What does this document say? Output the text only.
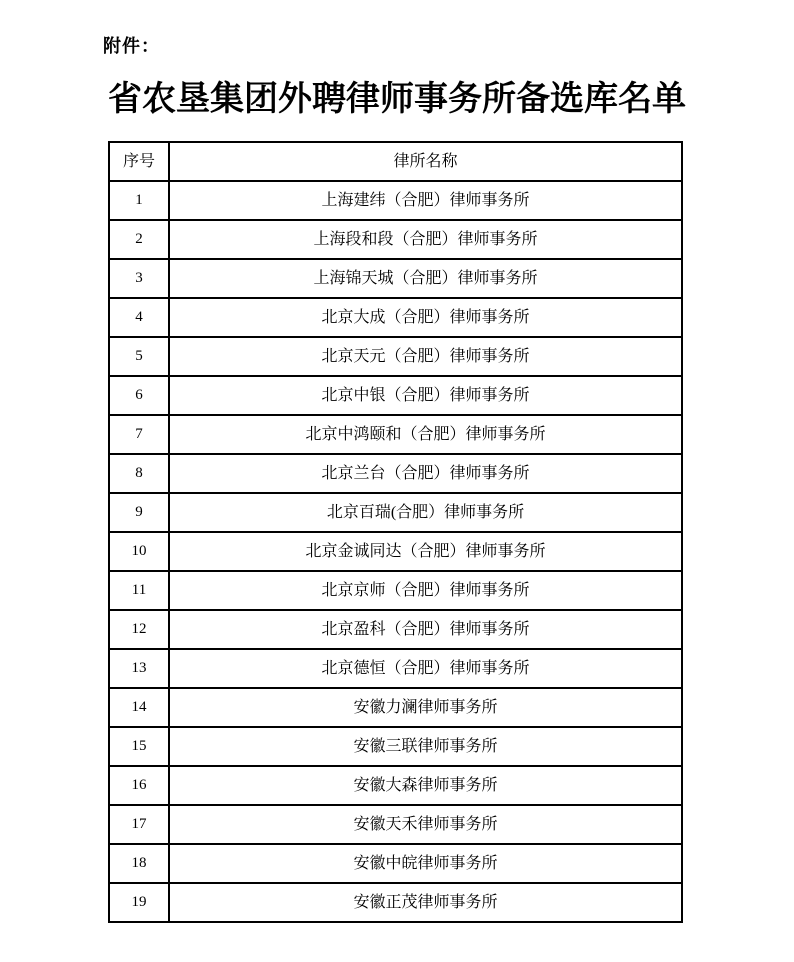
附件：
省农垦集团外聘律师事务所备选库名单
序号	律所名称
1	上海建纬（合肥）律师事务所
2	上海段和段（合肥）律师事务所
3	上海锦天城（合肥）律师事务所
4	北京大成（合肥）律师事务所
5	北京天元（合肥）律师事务所
6	北京中银（合肥）律师事务所
7	北京中鸿颐和（合肥）律师事务所
8	北京兰台（合肥）律师事务所
9	北京百瑞(合肥）律师事务所
10	北京金诚同达（合肥）律师事务所
11	北京京师（合肥）律师事务所
12	北京盈科（合肥）律师事务所
13	北京德恒（合肥）律师事务所
14	安徽力澜律师事务所
15	安徽三联律师事务所
16	安徽大森律师事务所
17	安徽天禾律师事务所
18	安徽中皖律师事务所
19	安徽正茂律师事务所
